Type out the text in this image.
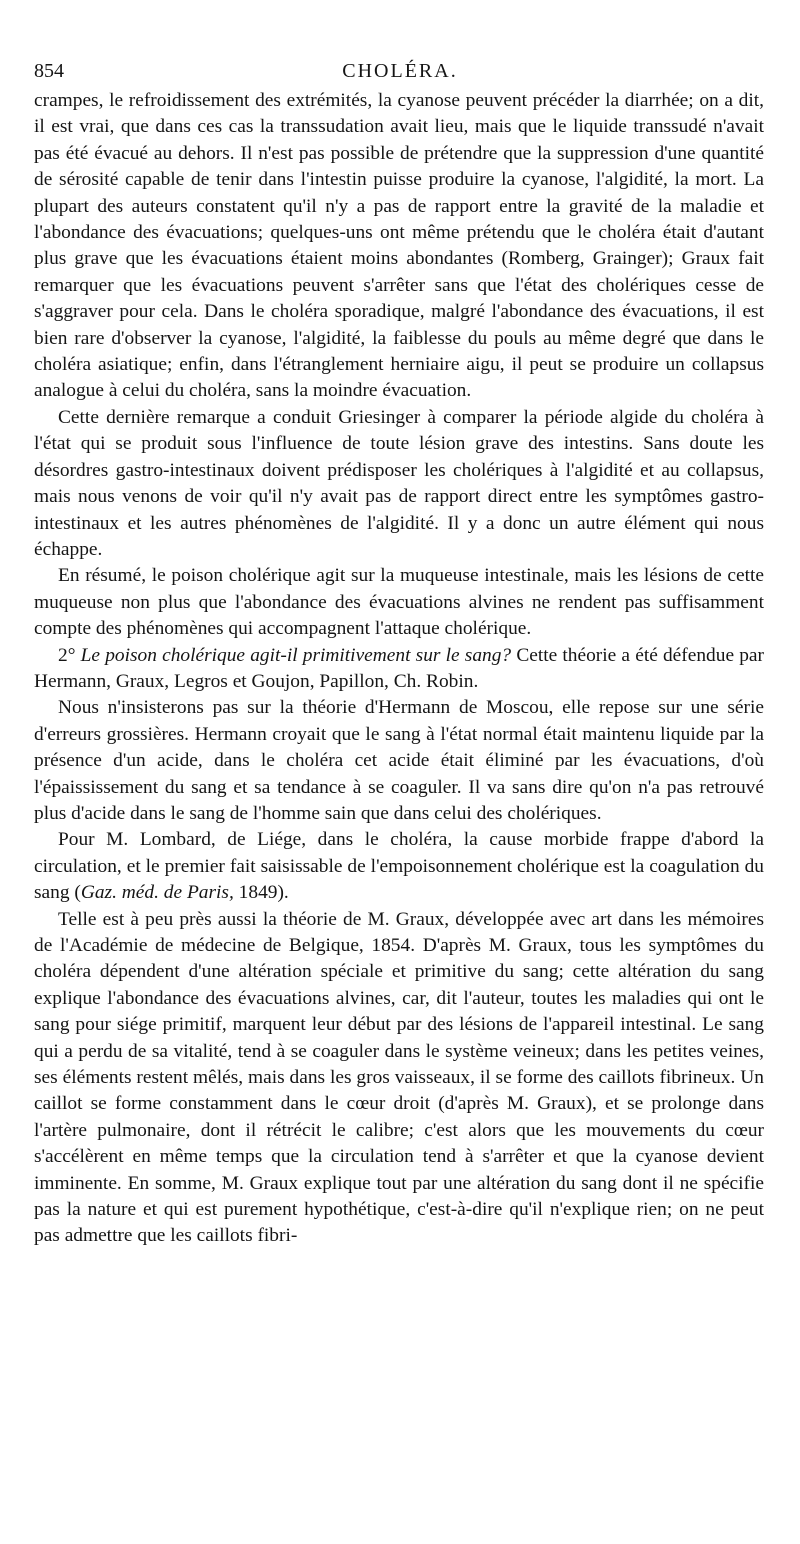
854	CHOLÉRA.

crampes, le refroidissement des extrémités, la cyanose peuvent précéder la diarrhée; on a dit, il est vrai, que dans ces cas la transsudation avait lieu, mais que le liquide transsudé n'avait pas été évacué au dehors. Il n'est pas possible de prétendre que la suppression d'une quantité de sérosité capable de tenir dans l'intestin puisse produire la cyanose, l'algidité, la mort. La plupart des auteurs constatent qu'il n'y a pas de rapport entre la gravité de la maladie et l'abondance des évacuations; quelques-uns ont même prétendu que le choléra était d'autant plus grave que les évacuations étaient moins abondantes (Romberg, Grainger); Graux fait remarquer que les évacuations peuvent s'arrêter sans que l'état des cholériques cesse de s'aggraver pour cela. Dans le choléra sporadique, malgré l'abondance des évacuations, il est bien rare d'observer la cyanose, l'algidité, la faiblesse du pouls au même degré que dans le choléra asiatique; enfin, dans l'étranglement herniaire aigu, il peut se produire un collapsus analogue à celui du choléra, sans la moindre évacuation.

Cette dernière remarque a conduit Griesinger à comparer la période algide du choléra à l'état qui se produit sous l'influence de toute lésion grave des intestins. Sans doute les désordres gastro-intestinaux doivent prédisposer les cholériques à l'algidité et au collapsus, mais nous venons de voir qu'il n'y avait pas de rapport direct entre les symptômes gastro-intestinaux et les autres phénomènes de l'algidité. Il y a donc un autre élément qui nous échappe.

En résumé, le poison cholérique agit sur la muqueuse intestinale, mais les lésions de cette muqueuse non plus que l'abondance des évacuations alvines ne rendent pas suffisamment compte des phénomènes qui accompagnent l'attaque cholérique.

2° Le poison cholérique agit-il primitivement sur le sang? Cette théorie a été défendue par Hermann, Graux, Legros et Goujon, Papillon, Ch. Robin.

Nous n'insisterons pas sur la théorie d'Hermann de Moscou, elle repose sur une série d'erreurs grossières. Hermann croyait que le sang à l'état normal était maintenu liquide par la présence d'un acide, dans le choléra cet acide était éliminé par les évacuations, d'où l'épaississement du sang et sa tendance à se coaguler. Il va sans dire qu'on n'a pas retrouvé plus d'acide dans le sang de l'homme sain que dans celui des cholériques.

Pour M. Lombard, de Liége, dans le choléra, la cause morbide frappe d'abord la circulation, et le premier fait saisissable de l'empoisonnement cholérique est la coagulation du sang (Gaz. méd. de Paris, 1849).

Telle est à peu près aussi la théorie de M. Graux, développée avec art dans les mémoires de l'Académie de médecine de Belgique, 1854. D'après M. Graux, tous les symptômes du choléra dépendent d'une altération spéciale et primitive du sang; cette altération du sang explique l'abondance des évacuations alvines, car, dit l'auteur, toutes les maladies qui ont le sang pour siége primitif, marquent leur début par des lésions de l'appareil intestinal. Le sang qui a perdu de sa vitalité, tend à se coaguler dans le système veineux; dans les petites veines, ses éléments restent mêlés, mais dans les gros vaisseaux, il se forme des caillots fibrineux. Un caillot se forme constamment dans le cœur droit (d'après M. Graux), et se prolonge dans l'artère pulmonaire, dont il rétrécit le calibre; c'est alors que les mouvements du cœur s'accélèrent en même temps que la circulation tend à s'arrêter et que la cyanose devient imminente. En somme, M. Graux explique tout par une altération du sang dont il ne spécifie pas la nature et qui est purement hypothétique, c'est-à-dire qu'il n'explique rien; on ne peut pas admettre que les caillots fibri-
